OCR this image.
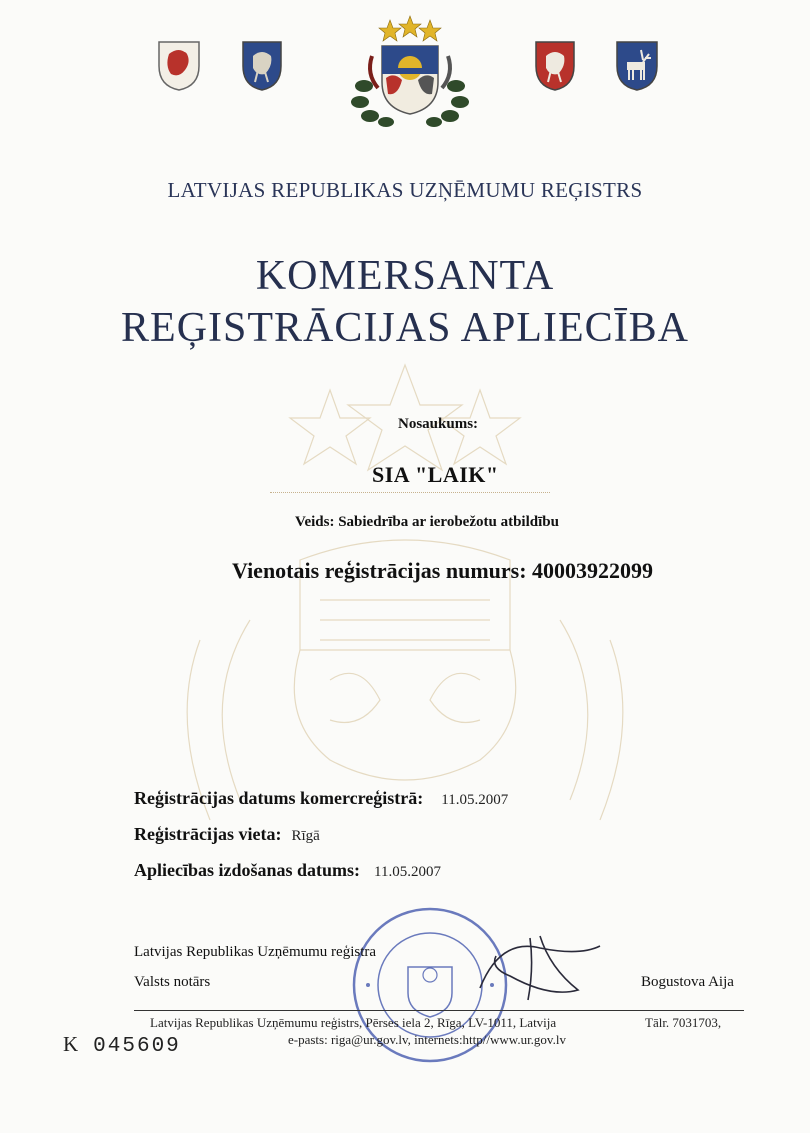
LATVIJAS REPUBLIKAS UZŅĒMUMU REĢISTRS
KOMERSANTA
REĢISTRĀCIJAS APLIECĪBA
Nosaukums:
SIA "LAIK"
Veids: Sabiedrība ar ierobežotu atbildību
Vienotais reģistrācijas numurs: 40003922099
Reģistrācijas datums komercreģistrā: 11.05.2007
Reģistrācijas vieta: Rīgā
Apliecības izdošanas datums: 11.05.2007
Latvijas Republikas Uzņēmumu reģistra
Valsts notārs	Bogustova Aija
Latvijas Republikas Uzņēmumu reģistrs, Pērses iela 2, Rīga, LV-1011, Latvija	Tālr. 7031703,
e-pasts: riga@ur.gov.lv, internets:http//www.ur.gov.lv
K 045609
